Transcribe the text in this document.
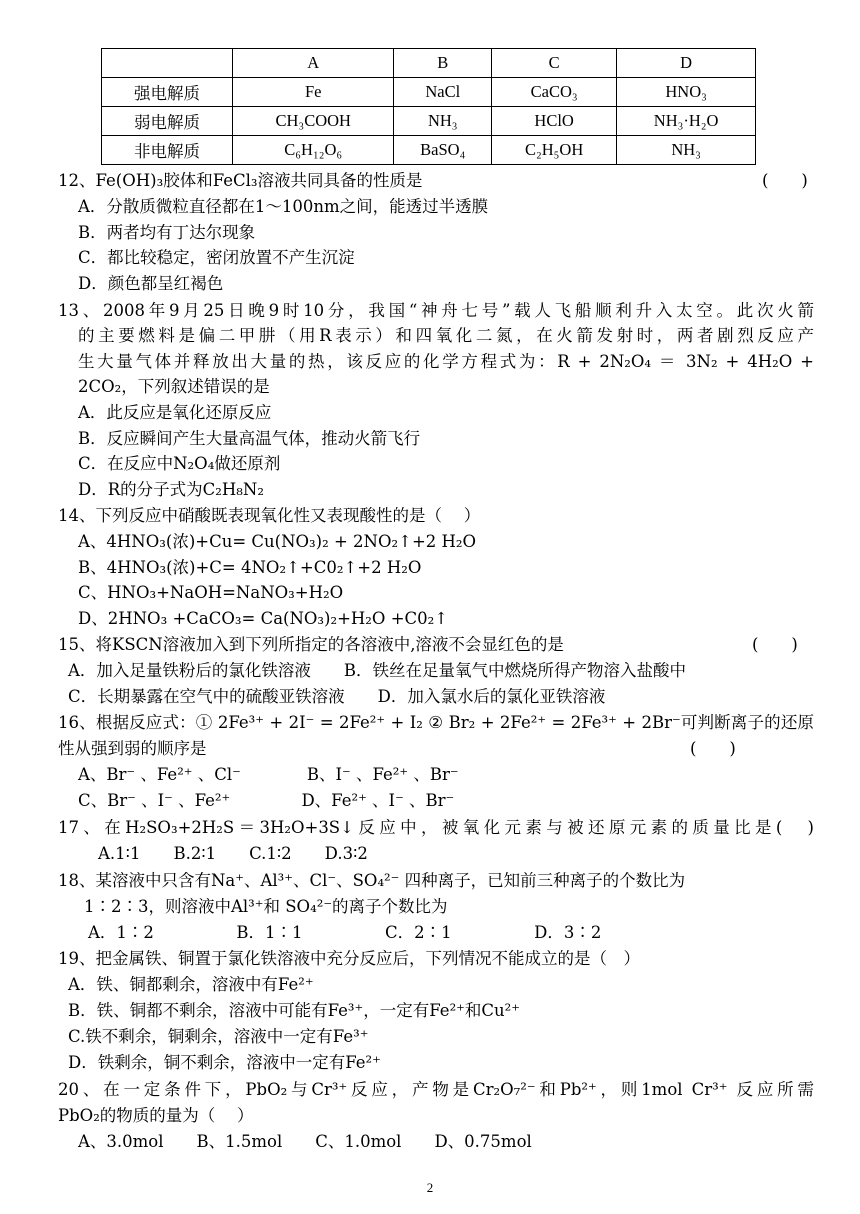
	A	B	C	D
强电解质	Fe	NaCl	CaCO₃	HNO₃
弱电解质	CH₃COOH	NH₃	HClO	NH₃·H₂O
非电解质	C₆H₁₂O₆	BaSO₄	C₂H₅OH	NH₃
12、Fe(OH)₃胶体和FeCl₃溶液共同具备的性质是	(　　)
A．分散质微粒直径都在1～100nm之间，能透过半透膜
B．两者均有丁达尔现象
C．都比较稳定，密闭放置不产生沉淀
D．颜色都呈红褐色
13、2008年9月25日晚9时10分，我国“神舟七号”载人飞船顺利升入太空。此次火箭
的主要燃料是偏二甲肼（用R表示）和四氧化二氮，在火箭发射时，两者剧烈反应产
生大量气体并释放出大量的热，该反应的化学方程式为：R + 2N₂O₄ ＝ 3N₂ + 4H₂O +
2CO₂，下列叙述错误的是
A．此反应是氧化还原反应
B．反应瞬间产生大量高温气体，推动火箭飞行
C．在反应中N₂O₄做还原剂
D．R的分子式为C₂H₈N₂
14、下列反应中硝酸既表现氧化性又表现酸性的是（　 ）
A、4HNO₃(浓)+Cu= Cu(NO₃)₂ + 2NO₂↑+2 H₂O
B、4HNO₃(浓)+C= 4NO₂↑+C0₂↑+2 H₂O
C、HNO₃+NaOH=NaNO₃+H₂O
D、2HNO₃ +CaCO₃= Ca(NO₃)₂+H₂O +C0₂↑
15、将KSCN溶液加入到下列所指定的各溶液中,溶液不会显红色的是	(　　)
A．加入足量铁粉后的氯化铁溶液　　B．铁丝在足量氧气中燃烧所得产物溶入盐酸中
C．长期暴露在空气中的硫酸亚铁溶液　　D．加入氯水后的氯化亚铁溶液
16、根据反应式：① 2Fe³⁺ + 2I⁻ = 2Fe²⁺ + I₂ ② Br₂ + 2Fe²⁺ = 2Fe³⁺ + 2Br⁻可判断离子的还原
性从强到弱的顺序是	(　　)
A、Br⁻ 、Fe²⁺ 、Cl⁻　　　　B、I⁻ 、Fe²⁺ 、Br⁻
C、Br⁻ 、I⁻ 、Fe²⁺　　　　 D、Fe²⁺ 、I⁻ 、Br⁻
17、在H₂SO₃+2H₂S＝3H₂O+3S↓反应中，被氧化元素与被还原元素的质量比是(　)
A.1∶1　　B.2∶1　　C.1∶2　　D.3∶2
18、某溶液中只含有Na⁺、Al³⁺、Cl⁻、SO₄²⁻ 四种离子，已知前三种离子的个数比为
1∶2∶3，则溶液中Al³⁺和 SO₄²⁻的离子个数比为
A．1∶2　　　　　B．1∶1　　　　　C．2∶1　　　　　D．3∶2
19、把金属铁、铜置于氯化铁溶液中充分反应后，下列情况不能成立的是（　）
A．铁、铜都剩余，溶液中有Fe²⁺
B．铁、铜都不剩余，溶液中可能有Fe³⁺，一定有Fe²⁺和Cu²⁺
C.铁不剩余，铜剩余，溶液中一定有Fe³⁺
D．铁剩余，铜不剩余，溶液中一定有Fe²⁺
20、在一定条件下，PbO₂与Cr³⁺反应，产物是Cr₂O₇²⁻和Pb²⁺，则1mol Cr³⁺ 反应所需
PbO₂的物质的量为（　 ）
A、3.0mol　　B、1.5mol　　C、1.0mol　　D、0.75mol
2
